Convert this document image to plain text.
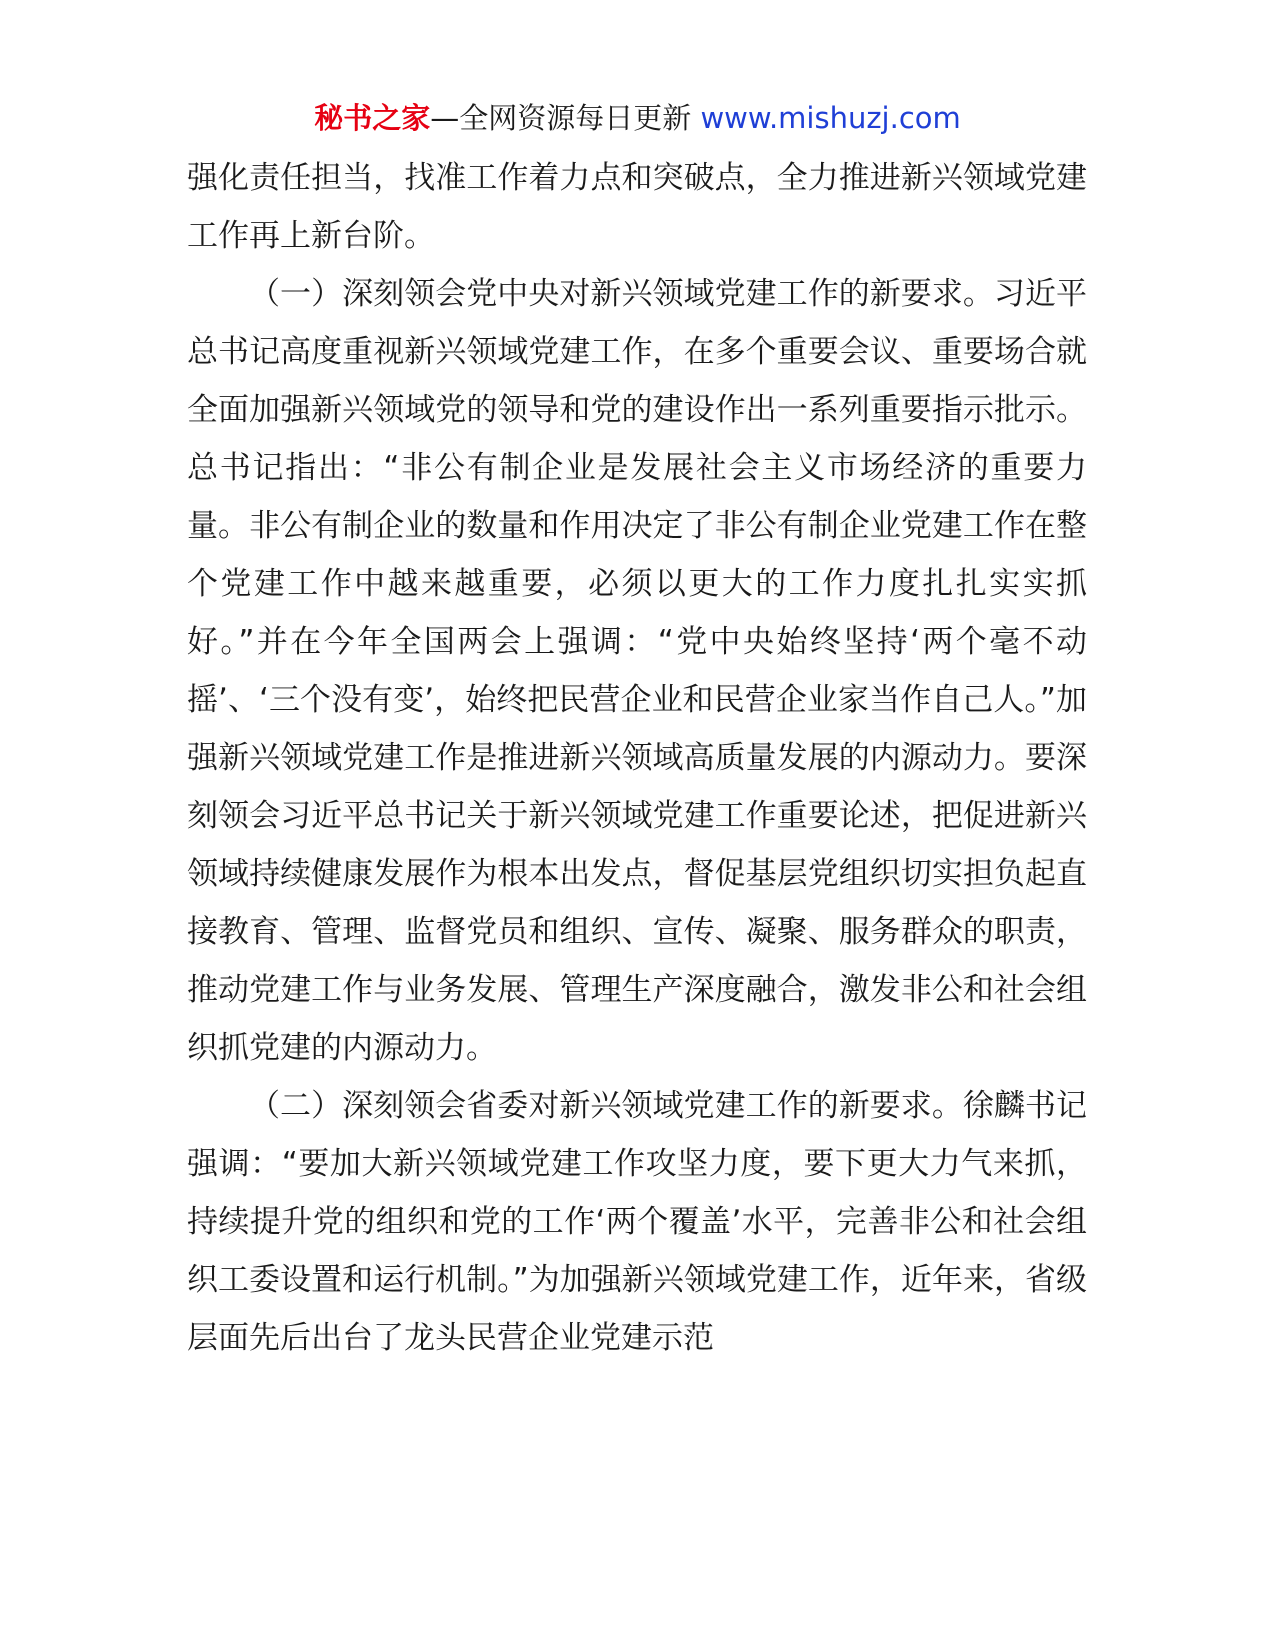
秘书之家—全网资源每日更新 www.mishuzj.com

强化责任担当，找准工作着力点和突破点，全力推进新兴领域党建工作再上新台阶。

（一）深刻领会党中央对新兴领域党建工作的新要求。习近平总书记高度重视新兴领域党建工作，在多个重要会议、重要场合就全面加强新兴领域党的领导和党的建设作出一系列重要指示批示。总书记指出：“非公有制企业是发展社会主义市场经济的重要力量。非公有制企业的数量和作用决定了非公有制企业党建工作在整个党建工作中越来越重要，必须以更大的工作力度扎扎实实抓好。”并在今年全国两会上强调：“党中央始终坚持‘两个毫不动摇’、‘三个没有变’，始终把民营企业和民营企业家当作自己人。”加强新兴领域党建工作是推进新兴领域高质量发展的内源动力。要深刻领会习近平总书记关于新兴领域党建工作重要论述，把促进新兴领域持续健康发展作为根本出发点，督促基层党组织切实担负起直接教育、管理、监督党员和组织、宣传、凝聚、服务群众的职责，推动党建工作与业务发展、管理生产深度融合，激发非公和社会组织抓党建的内源动力。

（二）深刻领会省委对新兴领域党建工作的新要求。徐麟书记强调：“要加大新兴领域党建工作攻坚力度，要下更大力气来抓，持续提升党的组织和党的工作‘两个覆盖’水平，完善非公和社会组织工委设置和运行机制。”为加强新兴领域党建工作，近年来，省级层面先后出台了龙头民营企业党建示范
